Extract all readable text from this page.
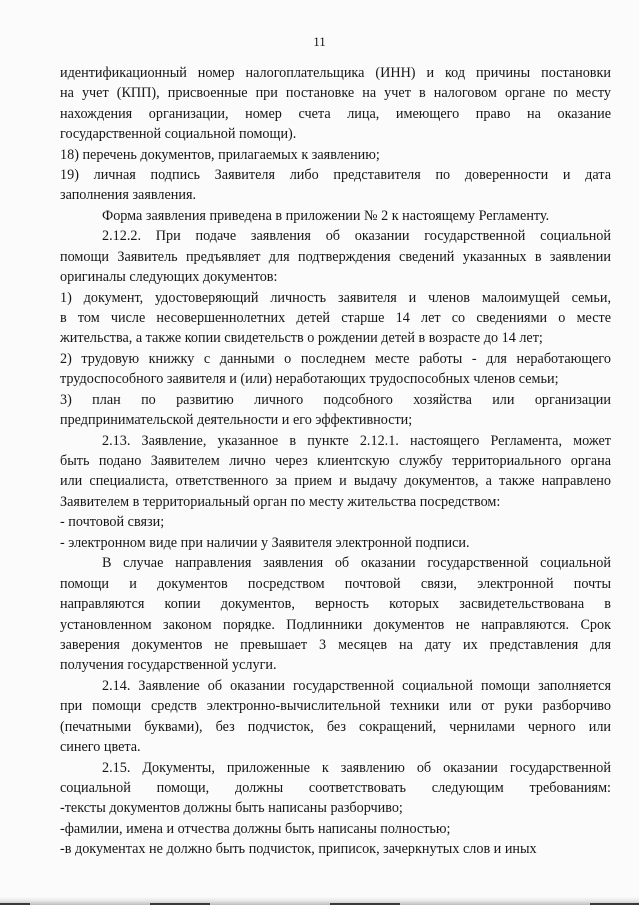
11
идентификационный номер налогоплательщика (ИНН) и код причины постановки
на учет (КПП), присвоенные при постановке на учет в налоговом органе по месту
нахождения организации, номер счета лица, имеющего право на оказание
государственной социальной помощи).
18) перечень документов, прилагаемых к заявлению;
19) личная подпись Заявителя либо представителя по доверенности и дата
заполнения заявления.
Форма заявления приведена в приложении № 2 к настоящему Регламенту.
2.12.2. При подаче заявления об оказании государственной социальной
помощи Заявитель предъявляет для подтверждения сведений указанных в заявлении
оригиналы следующих документов:
1) документ, удостоверяющий личность заявителя и членов малоимущей семьи,
в том числе несовершеннолетних детей старше 14 лет со сведениями о месте
жительства, а также копии свидетельств о рождении детей в возрасте до 14 лет;
2) трудовую книжку с данными о последнем месте работы - для неработающего
трудоспособного заявителя и (или) неработающих трудоспособных членов семьи;
3) план по развитию личного подсобного хозяйства или организации
предпринимательской деятельности и его эффективности;
2.13. Заявление, указанное в пункте 2.12.1. настоящего Регламента, может
быть подано Заявителем лично через клиентскую службу территориального органа
или специалиста, ответственного за прием и выдачу документов, а также направлено
Заявителем в территориальный орган по месту жительства посредством:
- почтовой связи;
- электронном виде при наличии у Заявителя электронной подписи.
В случае направления заявления об оказании государственной социальной
помощи и документов посредством почтовой связи, электронной почты
направляются копии документов, верность которых засвидетельствована в
установленном законом порядке. Подлинники документов не направляются. Срок
заверения документов не превышает 3 месяцев на дату их представления для
получения государственной услуги.
2.14. Заявление об оказании государственной социальной помощи заполняется
при помощи средств электронно-вычислительной техники или от руки разборчиво
(печатными буквами), без подчисток, без сокращений, чернилами черного или
синего цвета.
2.15. Документы, приложенные к заявлению об оказании государственной
социальной помощи, должны соответствовать следующим требованиям:
-тексты документов должны быть написаны разборчиво;
-фамилии, имена и отчества должны быть написаны полностью;
-в документах не должно быть подчисток, приписок, зачеркнутых слов и иных
